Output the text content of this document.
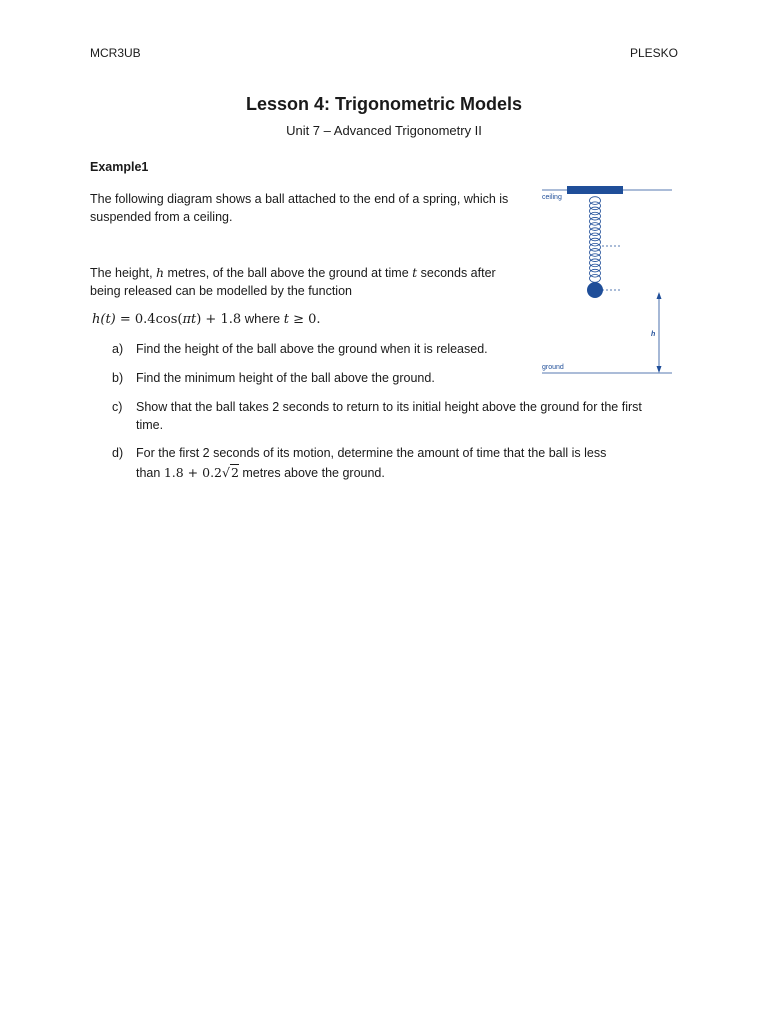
MCR3UB	PLESKO
Lesson 4: Trigonometric Models
Unit 7 – Advanced Trigonometry II
Example1
The following diagram shows a ball attached to the end of a spring, which is
suspended from a ceiling.
The height, h metres, of the ball above the ground at time t seconds after
being released can be modelled by the function
h(t) = 0.4cos(πt) + 1.8 where t ≥ 0.
a) Find the height of the ball above the ground when it is released.
b) Find the minimum height of the ball above the ground.
c) Show that the ball takes 2 seconds to return to its initial height above the ground for the first
time.
d) For the first 2 seconds of its motion, determine the amount of time that the ball is less
than 1.8 + 0.2√2 metres above the ground.
ceiling
h
ground
